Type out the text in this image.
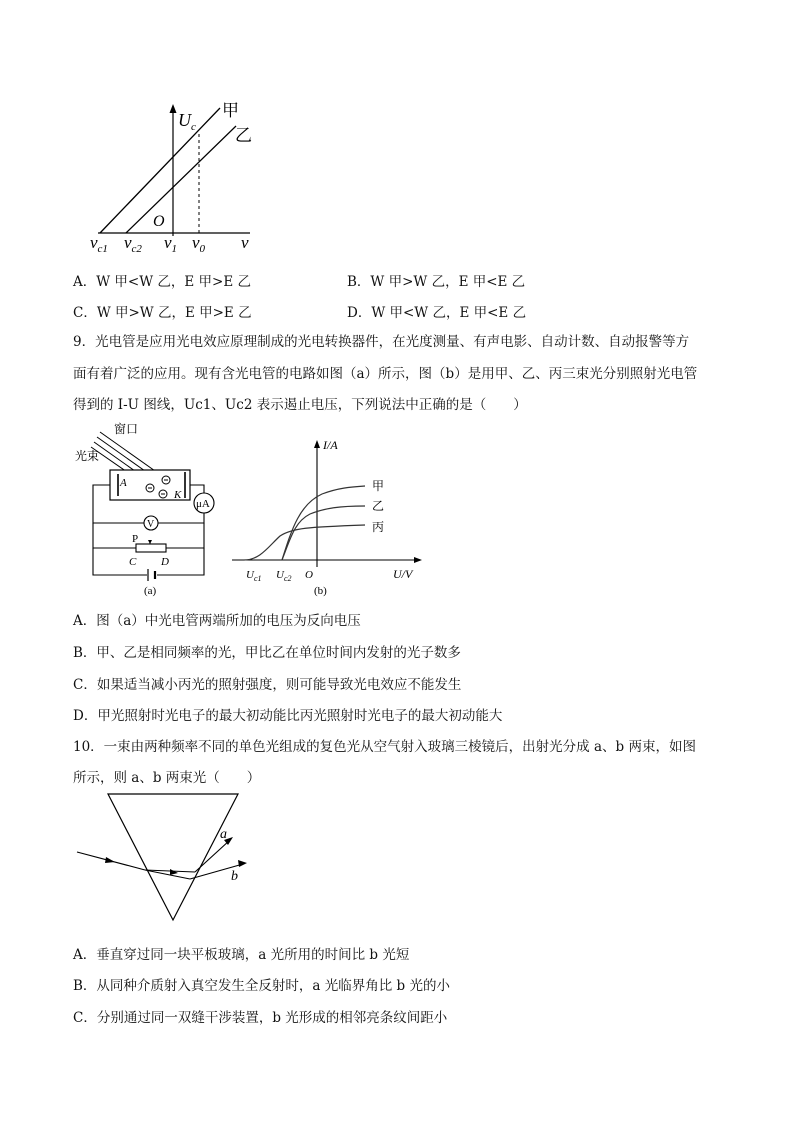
$U_c$
甲
乙
O
ν
$\nu_{c1}$ $\nu_{c2}$ $\nu_1$ $\nu_0$
A．W 甲<W 乙，E 甲>E 乙	B．W 甲>W 乙，E 甲<E 乙
C．W 甲>W 乙，E 甲>E 乙	D．W 甲<W 乙，E 甲<E 乙
9．光电管是应用光电效应原理制成的光电转换器件，在光度测量、有声电影、自动计数、自动报警等方
面有着广泛的应用。现有含光电管的电路如图（a）所示，图（b）是用甲、乙、丙三束光分别照射光电管
得到的 I-U 图线，Uc1、Uc2 表示遏止电压，下列说法中正确的是（　　）
窗口
光束
A
K
μA
V
P
C D
(a)
I/A
U/V
甲
乙
丙
$U_{c1}$ $U_{c2}$ O
(b)
A．图（a）中光电管两端所加的电压为反向电压
B．甲、乙是相同频率的光，甲比乙在单位时间内发射的光子数多
C．如果适当减小丙光的照射强度，则可能导致光电效应不能发生
D．甲光照射时光电子的最大初动能比丙光照射时光电子的最大初动能大
10．一束由两种频率不同的单色光组成的复色光从空气射入玻璃三棱镜后，出射光分成 a、b 两束，如图
所示，则 a、b 两束光（　　）
a
b
A．垂直穿过同一块平板玻璃，a 光所用的时间比 b 光短
B．从同种介质射入真空发生全反射时，a 光临界角比 b 光的小
C．分别通过同一双缝干涉装置，b 光形成的相邻亮条纹间距小
